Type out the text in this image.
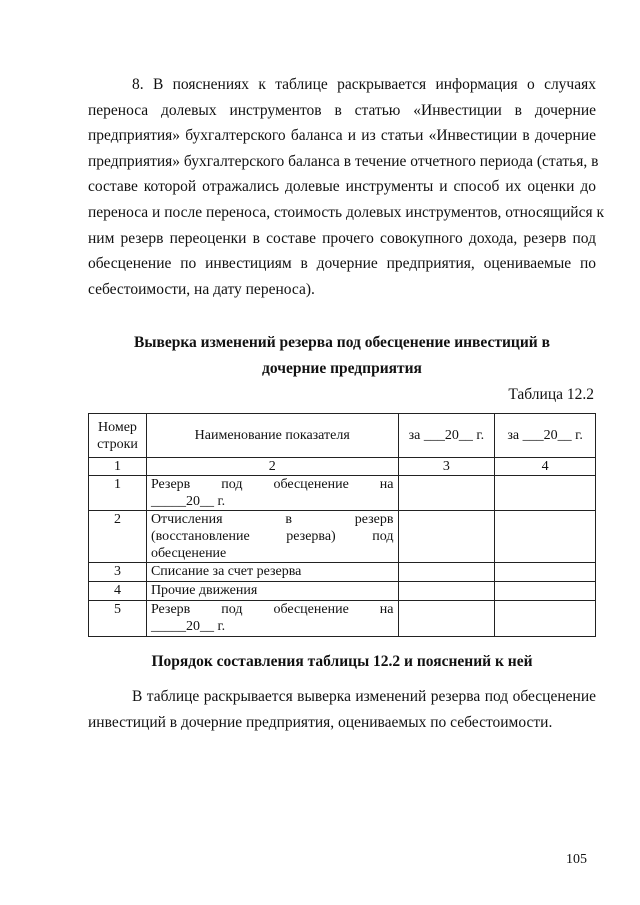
8. В пояснениях к таблице раскрывается информация о случаях
переноса долевых инструментов в статью «Инвестиции в дочерние
предприятия» бухгалтерского баланса и из статьи «Инвестиции в дочерние
предприятия» бухгалтерского баланса в течение отчетного периода (статья, в
составе которой отражались долевые инструменты и способ их оценки до
переноса и после переноса, стоимость долевых инструментов, относящийся к
ним резерв переоценки в составе прочего совокупного дохода, резерв под
обесценение по инвестициям в дочерние предприятия, оцениваемые по
себестоимости, на дату переноса).
Выверка изменений резерва под обесценение инвестиций в
дочерние предприятия
Таблица 12.2
Номер
строки	Наименование показателя	за ___20__ г.	за ___20__ г.
1	2	3	4
1	Резерв под обесценение на
_____20__ г.		

2	Отчисления в резерв
(восстановление резерва) под
обесценение		

3	Списание за счет резерва		
4	Прочие движения		
5	Резерв под обесценение на
_____20__ г.		

Порядок составления таблицы 12.2 и пояснений к ней
В таблице раскрывается выверка изменений резерва под обесценение
инвестиций в дочерние предприятия, оцениваемых по себестоимости.
105
